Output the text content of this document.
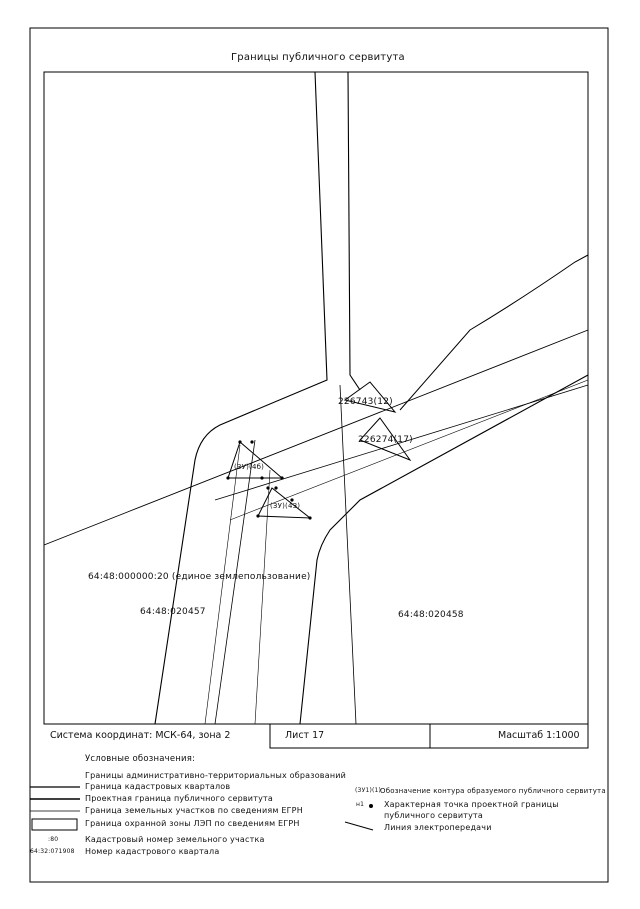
Границы публичного сервитута
226743(12)
226274(17)
(ЗУ)(4б)
(ЗУ)(4З)
64:48:000000:20 (единое землепользование)
64:48:020457	64:48:020458
Система координат: МСК-64, зона 2	Лист 17	Масштаб 1:1000
Условные обозначения:
Границы административно-территориальных образований
Граница кадастровых кварталов
Проектная граница публичного сервитута
Граница земельных участков по сведениям ЕГРН
Граница охранной зоны ЛЭП по сведениям ЕГРН
:80	Кадастровый номер земельного участка
64:32:071908 Номер кадастрового квартала
(ЗУ1)(1)
Обозначение контура образуемого публичного сервитута
н1 Характерная точка проектной границы публичного сервитута
Линия электропередачи
